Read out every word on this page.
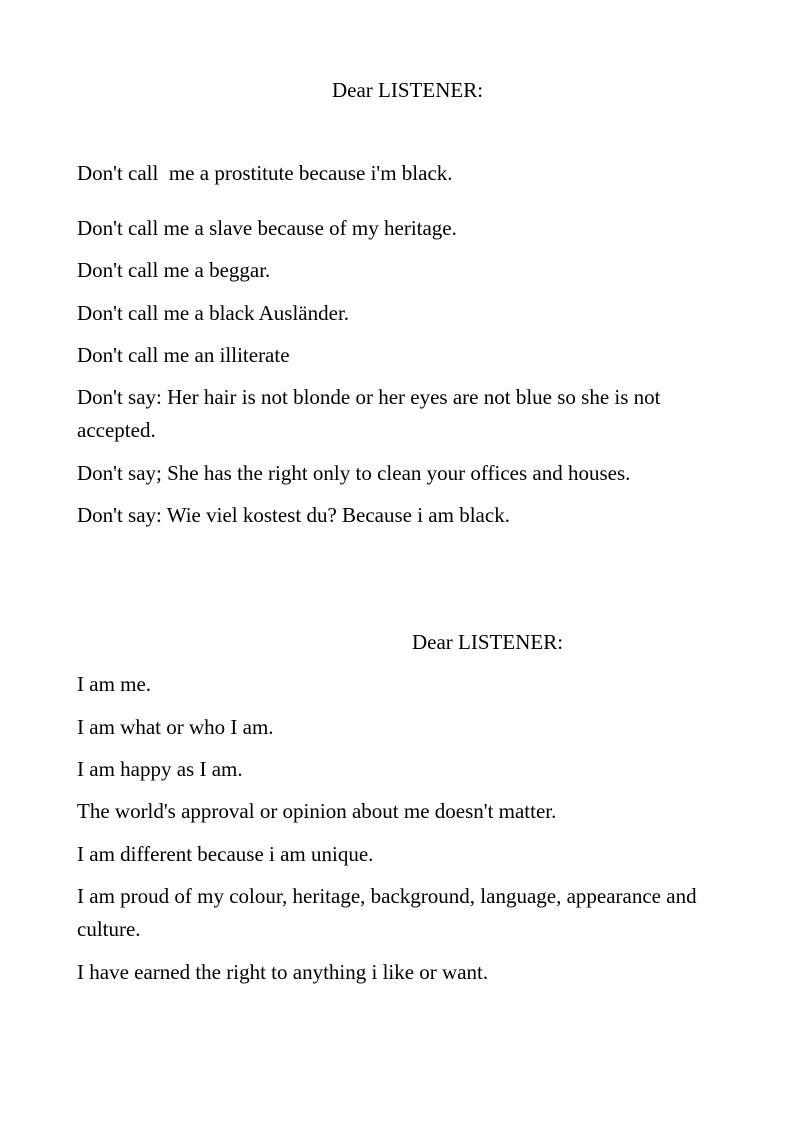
Dear LISTENER:

Don't call  me a prostitute because i'm black.

Don't call me a slave because of my heritage.

Don't call me a beggar.

Don't call me a black Ausländer.

Don't call me an illiterate

Don't say: Her hair is not blonde or her eyes are not blue so she is not accepted.

Don't say; She has the right only to clean your offices and houses.

Don't say: Wie viel kostest du? Because i am black.

Dear LISTENER:

I am me.

I am what or who I am.

I am happy as I am.

The world's approval or opinion about me doesn't matter.

I am different because i am unique.

I am proud of my colour, heritage, background, language, appearance and culture.

I have earned the right to anything i like or want.
